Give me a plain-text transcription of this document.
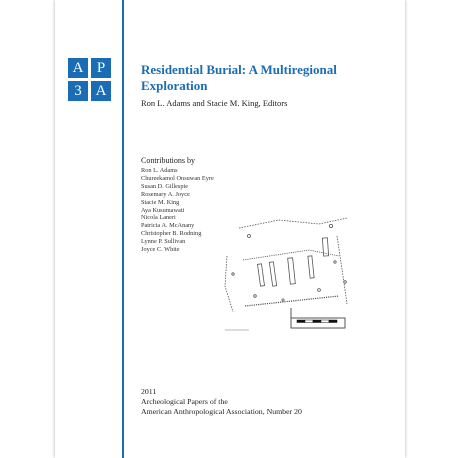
A P
3 A
Residential Burial: A Multiregional Exploration
Ron L. Adams and Stacie M. King, Editors
Contributions by
Ron L. Adams
Chureekamol Onsuwan Eyre
Susan D. Gillespie
Rosemary A. Joyce
Stacie M. King
Aya Kusumawati
Nicola Laneri
Patricia A. McAnany
Christopher B. Rodning
Lynne P. Sullivan
Joyce C. White
2011
Archeological Papers of the
American Anthropological Association, Number 20
